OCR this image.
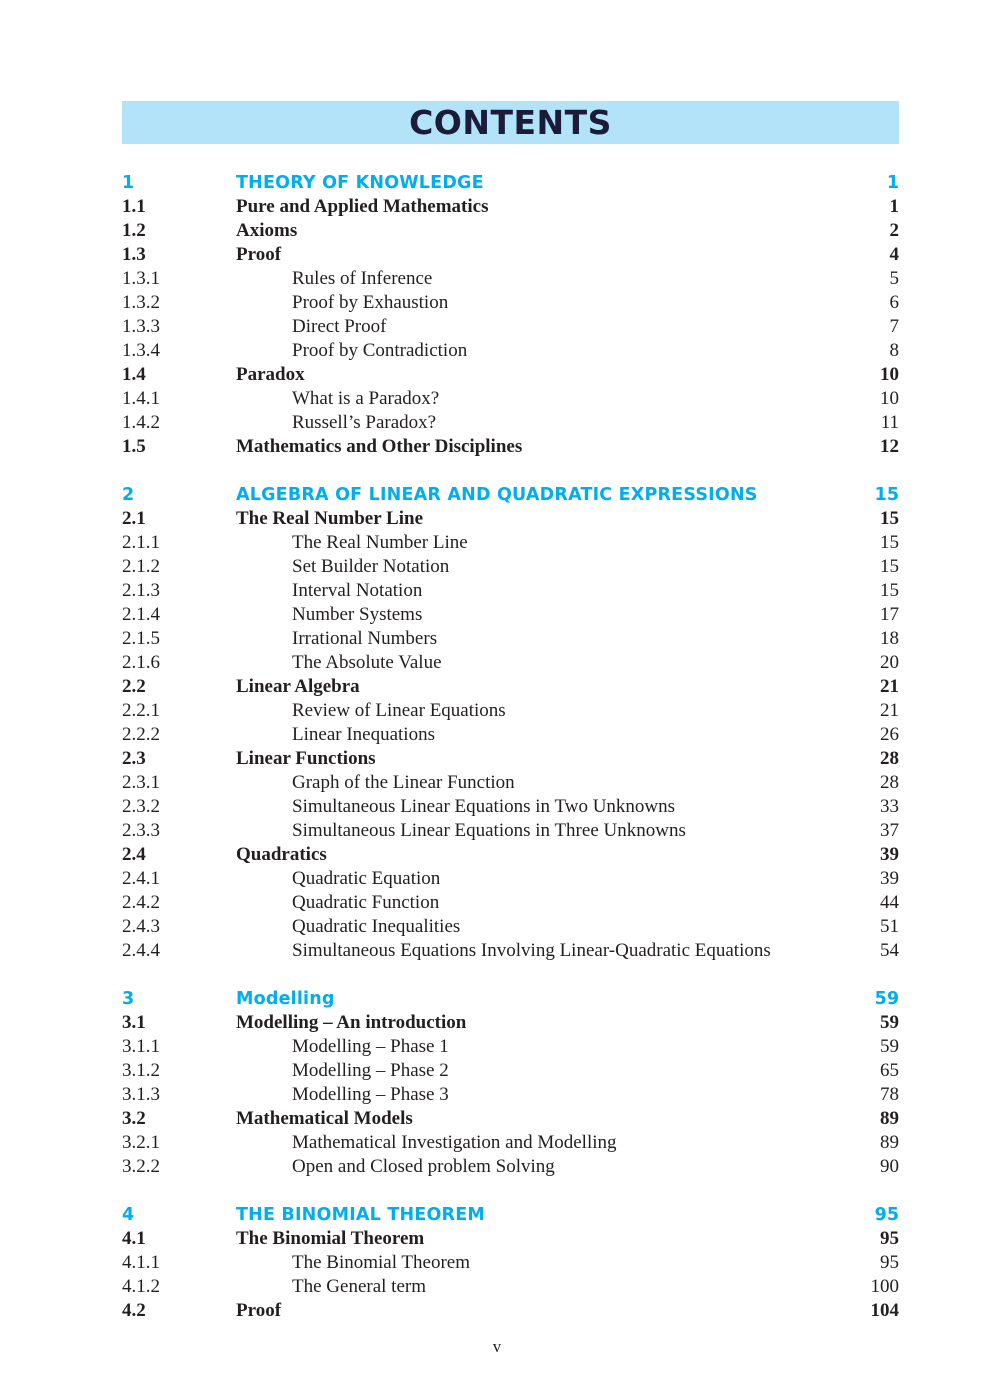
CONTENTS
1	THEORY OF KNOWLEDGE	1
1.1	Pure and Applied Mathematics	1
1.2	Axioms	2
1.3	Proof	4
1.3.1	Rules of Inference	5
1.3.2	Proof by Exhaustion	6
1.3.3	Direct Proof	7
1.3.4	Proof by Contradiction	8
1.4	Paradox	10
1.4.1	What is a Paradox?	10
1.4.2	Russell’s Paradox?	11
1.5	Mathematics and Other Disciplines	12
2	ALGEBRA OF LINEAR AND QUADRATIC EXPRESSIONS	15
2.1	The Real Number Line	15
2.1.1	The Real Number Line	15
2.1.2	Set Builder Notation	15
2.1.3	Interval Notation	15
2.1.4	Number Systems	17
2.1.5	Irrational Numbers	18
2.1.6	The Absolute Value	20
2.2	Linear Algebra	21
2.2.1	Review of Linear Equations	21
2.2.2	Linear Inequations	26
2.3	Linear Functions	28
2.3.1	Graph of the Linear Function	28
2.3.2	Simultaneous Linear Equations in Two Unknowns	33
2.3.3	Simultaneous Linear Equations in Three Unknowns	37
2.4	Quadratics	39
2.4.1	Quadratic Equation	39
2.4.2	Quadratic Function	44
2.4.3	Quadratic Inequalities	51
2.4.4	Simultaneous Equations Involving Linear-Quadratic Equations	54
3	Modelling	59
3.1	Modelling – An introduction	59
3.1.1	Modelling – Phase 1	59
3.1.2	Modelling – Phase 2	65
3.1.3	Modelling – Phase 3	78
3.2	Mathematical Models	89
3.2.1	Mathematical Investigation and Modelling	89
3.2.2	Open and Closed problem Solving	90
4	THE BINOMIAL THEOREM	95
4.1	The Binomial Theorem	95
4.1.1	The Binomial Theorem	95
4.1.2	The General term	100
4.2	Proof	104
v
